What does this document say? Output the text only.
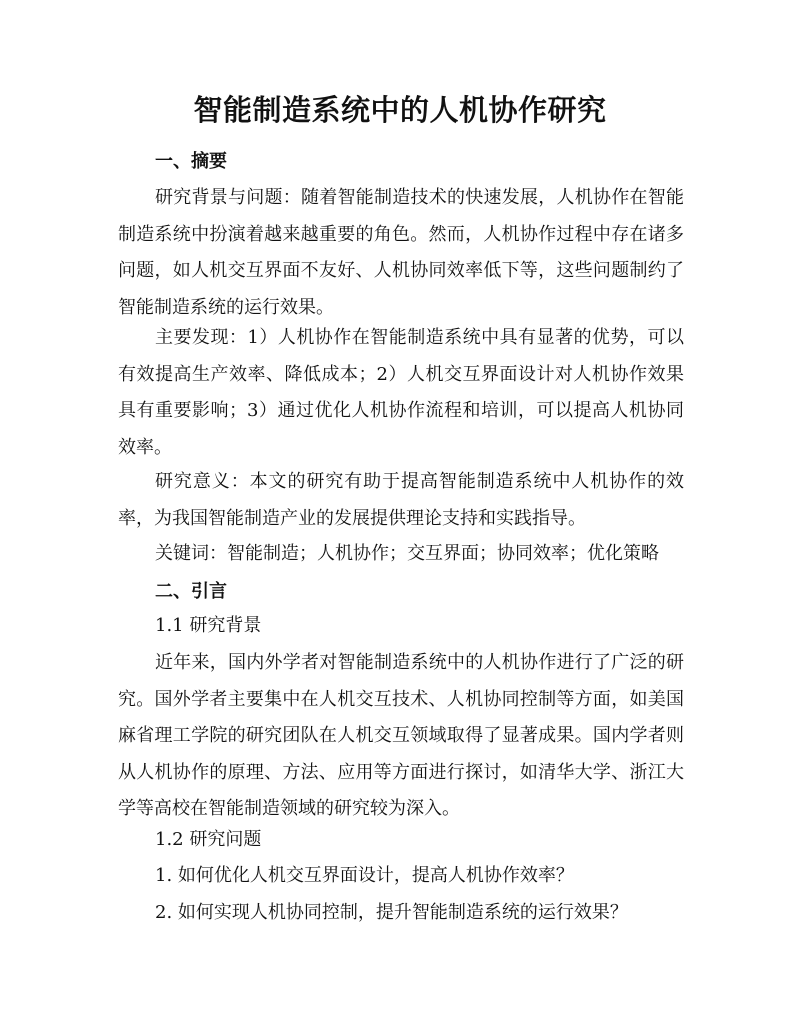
智能制造系统中的人机协作研究
一、摘要

研究背景与问题：随着智能制造技术的快速发展，人机协作在智能制造系统中扮演着越来越重要的角色。然而，人机协作过程中存在诸多问题，如人机交互界面不友好、人机协同效率低下等，这些问题制约了智能制造系统的运行效果。

主要发现：1）人机协作在智能制造系统中具有显著的优势，可以有效提高生产效率、降低成本；2）人机交互界面设计对人机协作效果具有重要影响；3）通过优化人机协作流程和培训，可以提高人机协同效率。

研究意义：本文的研究有助于提高智能制造系统中人机协作的效率，为我国智能制造产业的发展提供理论支持和实践指导。

关键词：智能制造；人机协作；交互界面；协同效率；优化策略

二、引言

1.1 研究背景

近年来，国内外学者对智能制造系统中的人机协作进行了广泛的研究。国外学者主要集中在人机交互技术、人机协同控制等方面，如美国麻省理工学院的研究团队在人机交互领域取得了显著成果。国内学者则从人机协作的原理、方法、应用等方面进行探讨，如清华大学、浙江大学等高校在智能制造领域的研究较为深入。

1.2 研究问题

1. 如何优化人机交互界面设计，提高人机协作效率？

2. 如何实现人机协同控制，提升智能制造系统的运行效果？
